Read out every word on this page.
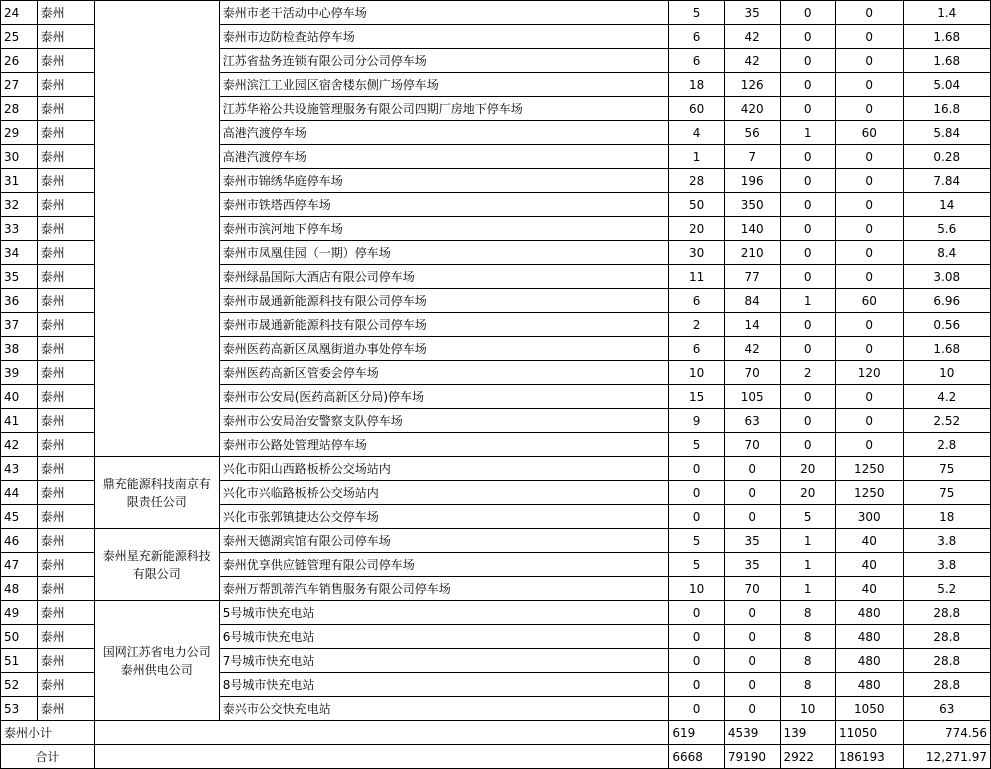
24	泰州		泰州市老干活动中心停车场	5	35	0	0	1.4
25	泰州		泰州市边防检查站停车场	6	42	0	0	1.68
26	泰州		江苏省盐务连锁有限公司分公司停车场	6	42	0	0	1.68
27	泰州		泰州滨江工业园区宿舍楼东侧广场停车场	18	126	0	0	5.04
28	泰州		江苏华裕公共设施管理服务有限公司四期厂房地下停车场	60	420	0	0	16.8
29	泰州		高港汽渡停车场	4	56	1	60	5.84
30	泰州		高港汽渡停车场	1	7	0	0	0.28
31	泰州		泰州市锦绣华庭停车场	28	196	0	0	7.84
32	泰州		泰州市铁塔西停车场	50	350	0	0	14
33	泰州		泰州市滨河地下停车场	20	140	0	0	5.6
34	泰州		泰州市凤凰佳园（一期）停车场	30	210	0	0	8.4
35	泰州		泰州绿晶国际大酒店有限公司停车场	11	77	0	0	3.08
36	泰州		泰州市晟通新能源科技有限公司停车场	6	84	1	60	6.96
37	泰州		泰州市晟通新能源科技有限公司停车场	2	14	0	0	0.56
38	泰州		泰州医药高新区凤凰街道办事处停车场	6	42	0	0	1.68
39	泰州		泰州医药高新区管委会停车场	10	70	2	120	10
40	泰州		泰州市公安局(医药高新区分局)停车场	15	105	0	0	4.2
41	泰州		泰州市公安局治安警察支队停车场	9	63	0	0	2.52
42	泰州		泰州市公路处管理站停车场	5	70	0	0	2.8
43	泰州	鼎充能源科技南京有限责任公司	兴化市阳山西路板桥公交场站内	0	0	20	1250	75
44	泰州		兴化市兴临路板桥公交场站内	0	0	20	1250	75
45	泰州		兴化市张郭镇捷达公交停车场	0	0	5	300	18
46	泰州	泰州星充新能源科技有限公司	泰州天德湖宾馆有限公司停车场	5	35	1	40	3.8
47	泰州		泰州优享供应链管理有限公司停车场	5	35	1	40	3.8
48	泰州		泰州万帮凯蒂汽车销售服务有限公司停车场	10	70	1	40	5.2
49	泰州	国网江苏省电力公司泰州供电公司	5号城市快充电站	0	0	8	480	28.8
50	泰州		6号城市快充电站	0	0	8	480	28.8
51	泰州		7号城市快充电站	0	0	8	480	28.8
52	泰州		8号城市快充电站	0	0	8	480	28.8
53	泰州		泰兴市公交快充电站	0	0	10	1050	63
泰州小计				619	4539	139	11050	774.56
合计				6668	79190	2922	186193	12,271.97
